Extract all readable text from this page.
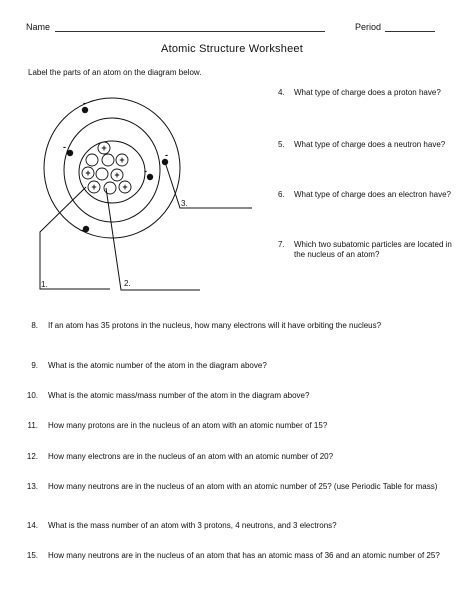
Name	Period
Atomic Structure Worksheet
Label the parts of an atom on the diagram below.
+
+
+	+
+	+
-
-
-
-
-
1.	2.
3.
4. What type of charge does a proton have?
5. What type of charge does a neutron have?
6. What type of charge does an electron have?
7. Which two subatomic particles are located in the nucleus of an atom?
8. If an atom has 35 protons in the nucleus, how many electrons will it have orbiting the nucleus?
9. What is the atomic number of the atom in the diagram above?
10. What is the atomic mass/mass number of the atom in the diagram above?
11. How many protons are in the nucleus of an atom with an atomic number of 15?
12. How many electrons are in the nucleus of an atom with an atomic number of 20?
13. How many neutrons are in the nucleus of an atom with an atomic number of 25? (use Periodic Table for mass)
14. What is the mass number of an atom with 3 protons, 4 neutrons, and 3 electrons?
15. How many neutrons are in the nucleus of an atom that has an atomic mass of 36 and an atomic number of 25?
